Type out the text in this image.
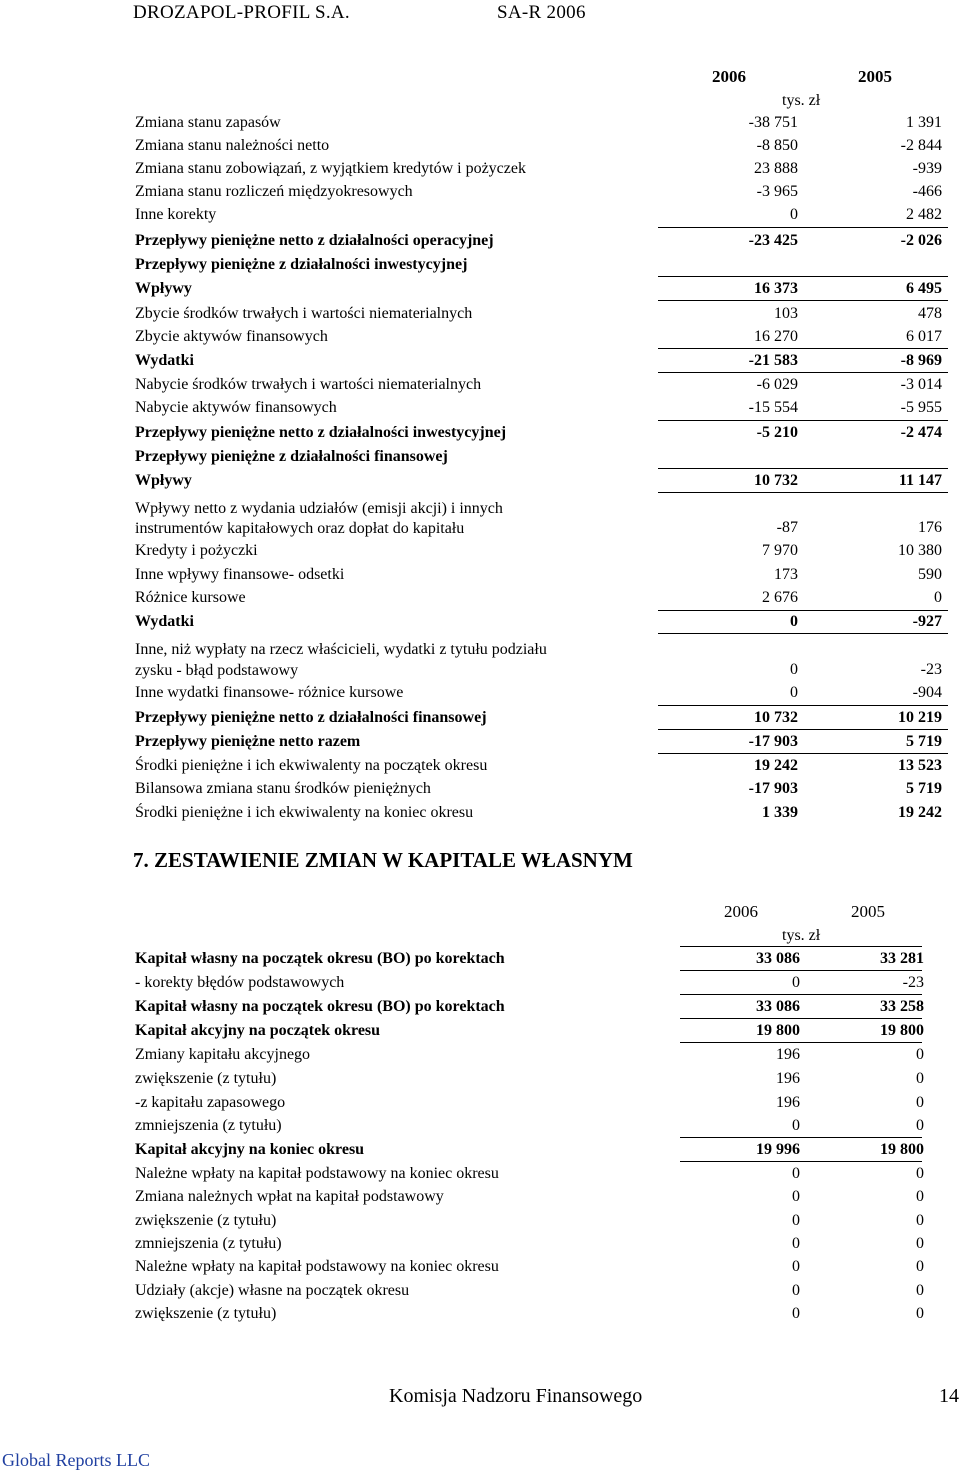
DROZAPOL-PROFIL S.A.	SA-R 2006
2006	2005
tys. zł
Zmiana stanu zapasów	-38 751	1 391
Zmiana stanu należności netto	-8 850	-2 844
Zmiana stanu zobowiązań, z wyjątkiem kredytów i pożyczek	23 888	-939
Zmiana stanu rozliczeń międzyokresowych	-3 965	-466
Inne korekty	0	2 482
Przepływy pieniężne netto z działalności operacyjnej	-23 425	-2 026
Przepływy pieniężne z działalności inwestycyjnej
Wpływy	16 373	6 495
Zbycie środków trwałych i wartości niematerialnych	103	478
Zbycie aktywów finansowych	16 270	6 017
Wydatki	-21 583	-8 969
Nabycie środków trwałych i wartości niematerialnych	-6 029	-3 014
Nabycie aktywów finansowych	-15 554	-5 955
Przepływy pieniężne netto z działalności inwestycyjnej	-5 210	-2 474
Przepływy pieniężne z działalności finansowej
Wpływy	10 732	11 147
Wpływy netto z wydania udziałów (emisji akcji) i innych
instrumentów kapitałowych oraz dopłat do kapitału	-87	176
Kredyty i pożyczki	7 970	10 380
Inne wpływy finansowe- odsetki	173	590
Różnice kursowe	2 676	0
Wydatki	0	-927
Inne, niż wypłaty na rzecz właścicieli, wydatki z tytułu podziału
zysku - błąd podstawowy	0	-23
Inne wydatki finansowe- różnice kursowe	0	-904
Przepływy pieniężne netto z działalności finansowej	10 732	10 219
Przepływy pieniężne netto razem	-17 903	5 719
Środki pieniężne i ich ekwiwalenty na początek okresu	19 242	13 523
Bilansowa zmiana stanu środków pieniężnych	-17 903	5 719
Środki pieniężne i ich ekwiwalenty na koniec okresu	1 339	19 242
7. ZESTAWIENIE ZMIAN W KAPITALE WŁASNYM
2006	2005
tys. zł
Kapitał własny na początek okresu (BO) po korektach	33 086	33 281
- korekty błędów podstawowych	0	-23
Kapitał własny na początek okresu (BO) po korektach	33 086	33 258
Kapitał akcyjny na początek okresu	19 800	19 800
Zmiany kapitału akcyjnego	196	0
zwiększenie (z tytułu)	196	0
-z kapitału zapasowego	196	0
zmniejszenia (z tytułu)	0	0
Kapitał akcyjny na koniec okresu	19 996	19 800
Należne wpłaty na kapitał podstawowy na koniec okresu	0	0
Zmiana należnych wpłat na kapitał podstawowy	0	0
zwiększenie (z tytułu)	0	0
zmniejszenia (z tytułu)	0	0
Należne wpłaty na kapitał podstawowy na koniec okresu	0	0
Udziały (akcje) własne na początek okresu	0	0
zwiększenie (z tytułu)	0	0
Komisja Nadzoru Finansowego	14
Global Reports LLC
